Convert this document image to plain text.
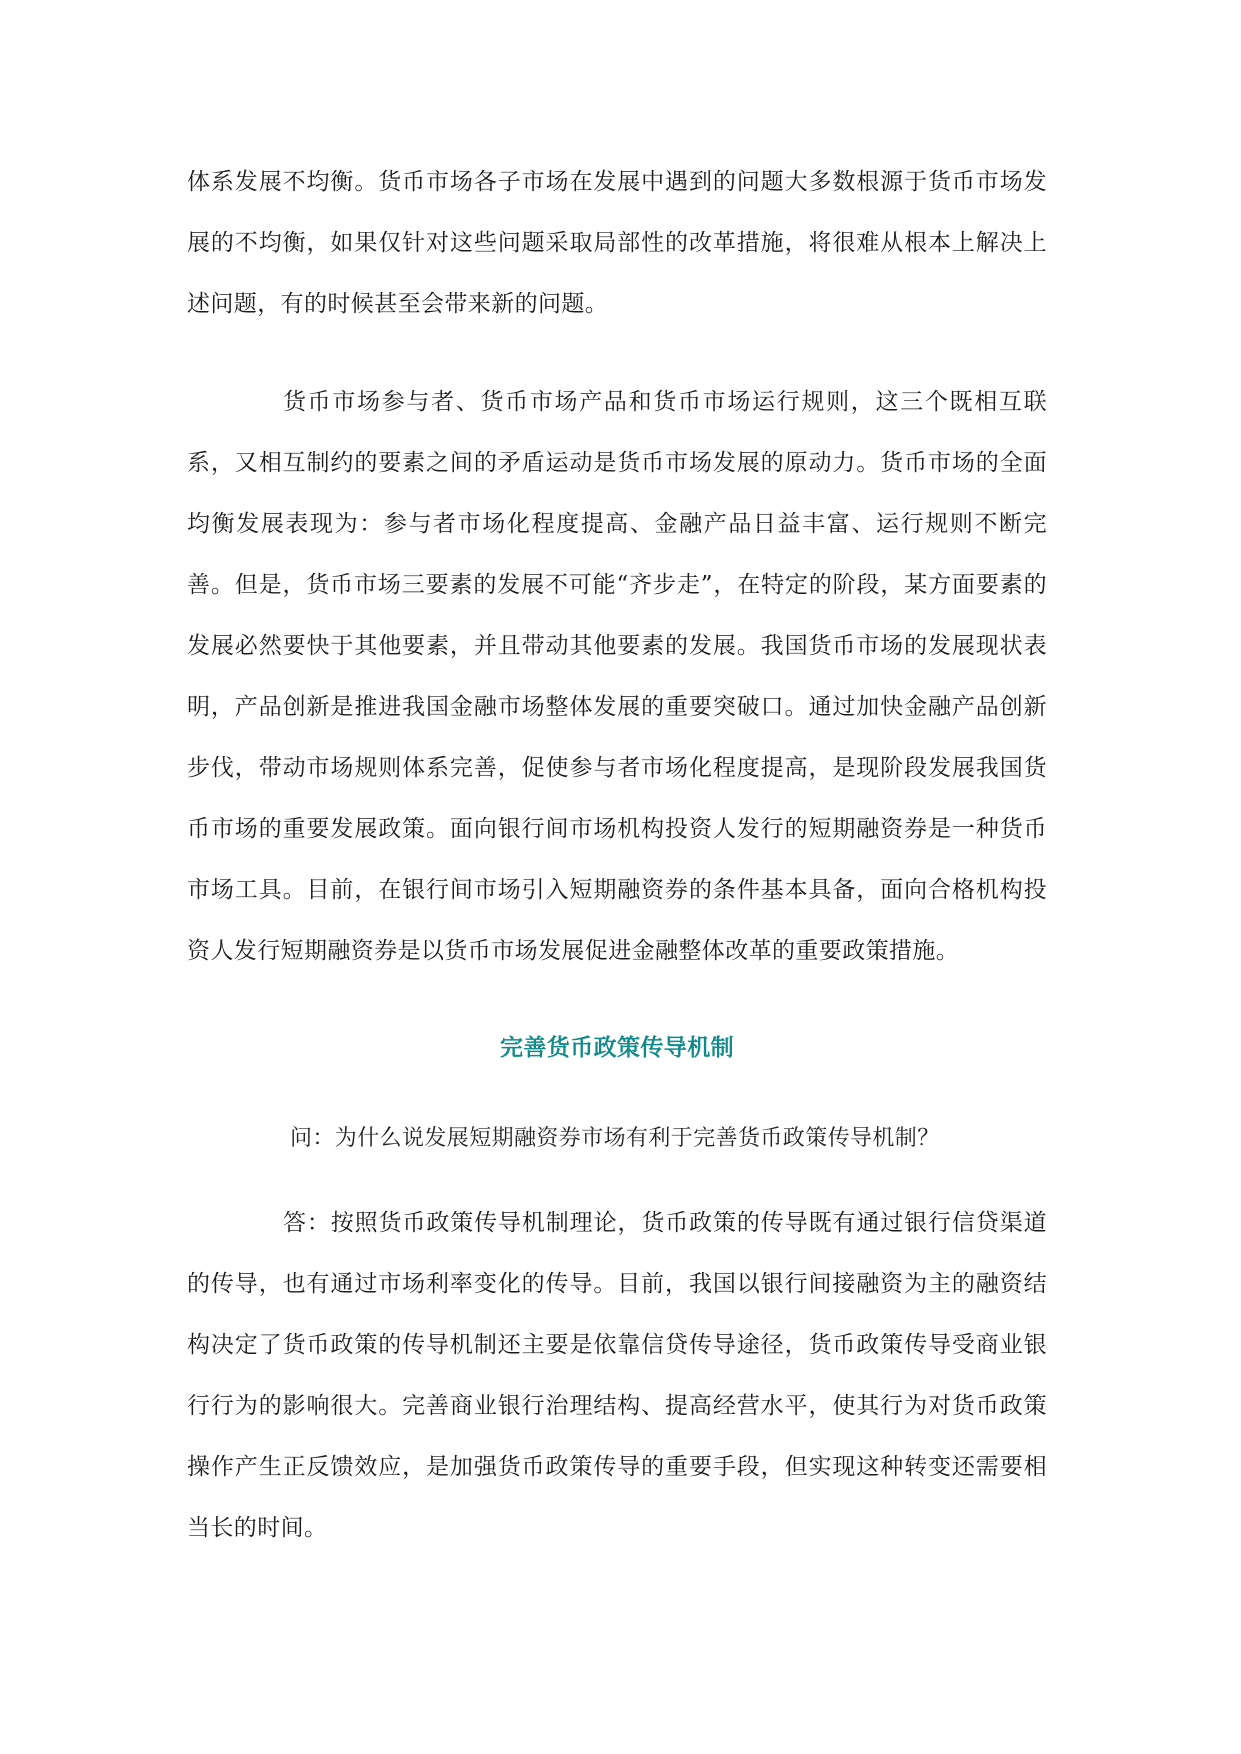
体系发展不均衡。货币市场各子市场在发展中遇到的问题大多数根源于货币市场发展的不均衡，如果仅针对这些问题采取局部性的改革措施，将很难从根本上解决上述问题，有的时候甚至会带来新的问题。

货币市场参与者、货币市场产品和货币市场运行规则，这三个既相互联系，又相互制约的要素之间的矛盾运动是货币市场发展的原动力。货币市场的全面均衡发展表现为：参与者市场化程度提高、金融产品日益丰富、运行规则不断完善。但是，货币市场三要素的发展不可能“齐步走”，在特定的阶段，某方面要素的发展必然要快于其他要素，并且带动其他要素的发展。我国货币市场的发展现状表明，产品创新是推进我国金融市场整体发展的重要突破口。通过加快金融产品创新步伐，带动市场规则体系完善，促使参与者市场化程度提高，是现阶段发展我国货币市场的重要发展政策。面向银行间市场机构投资人发行的短期融资券是一种货币市场工具。目前，在银行间市场引入短期融资券的条件基本具备，面向合格机构投资人发行短期融资券是以货币市场发展促进金融整体改革的重要政策措施。

完善货币政策传导机制

问：为什么说发展短期融资券市场有利于完善货币政策传导机制？

答：按照货币政策传导机制理论，货币政策的传导既有通过银行信贷渠道的传导，也有通过市场利率变化的传导。目前，我国以银行间接融资为主的融资结构决定了货币政策的传导机制还主要是依靠信贷传导途径，货币政策传导受商业银行行为的影响很大。完善商业银行治理结构、提高经营水平，使其行为对货币政策操作产生正反馈效应，是加强货币政策传导的重要手段，但实现这种转变还需要相当长的时间。
